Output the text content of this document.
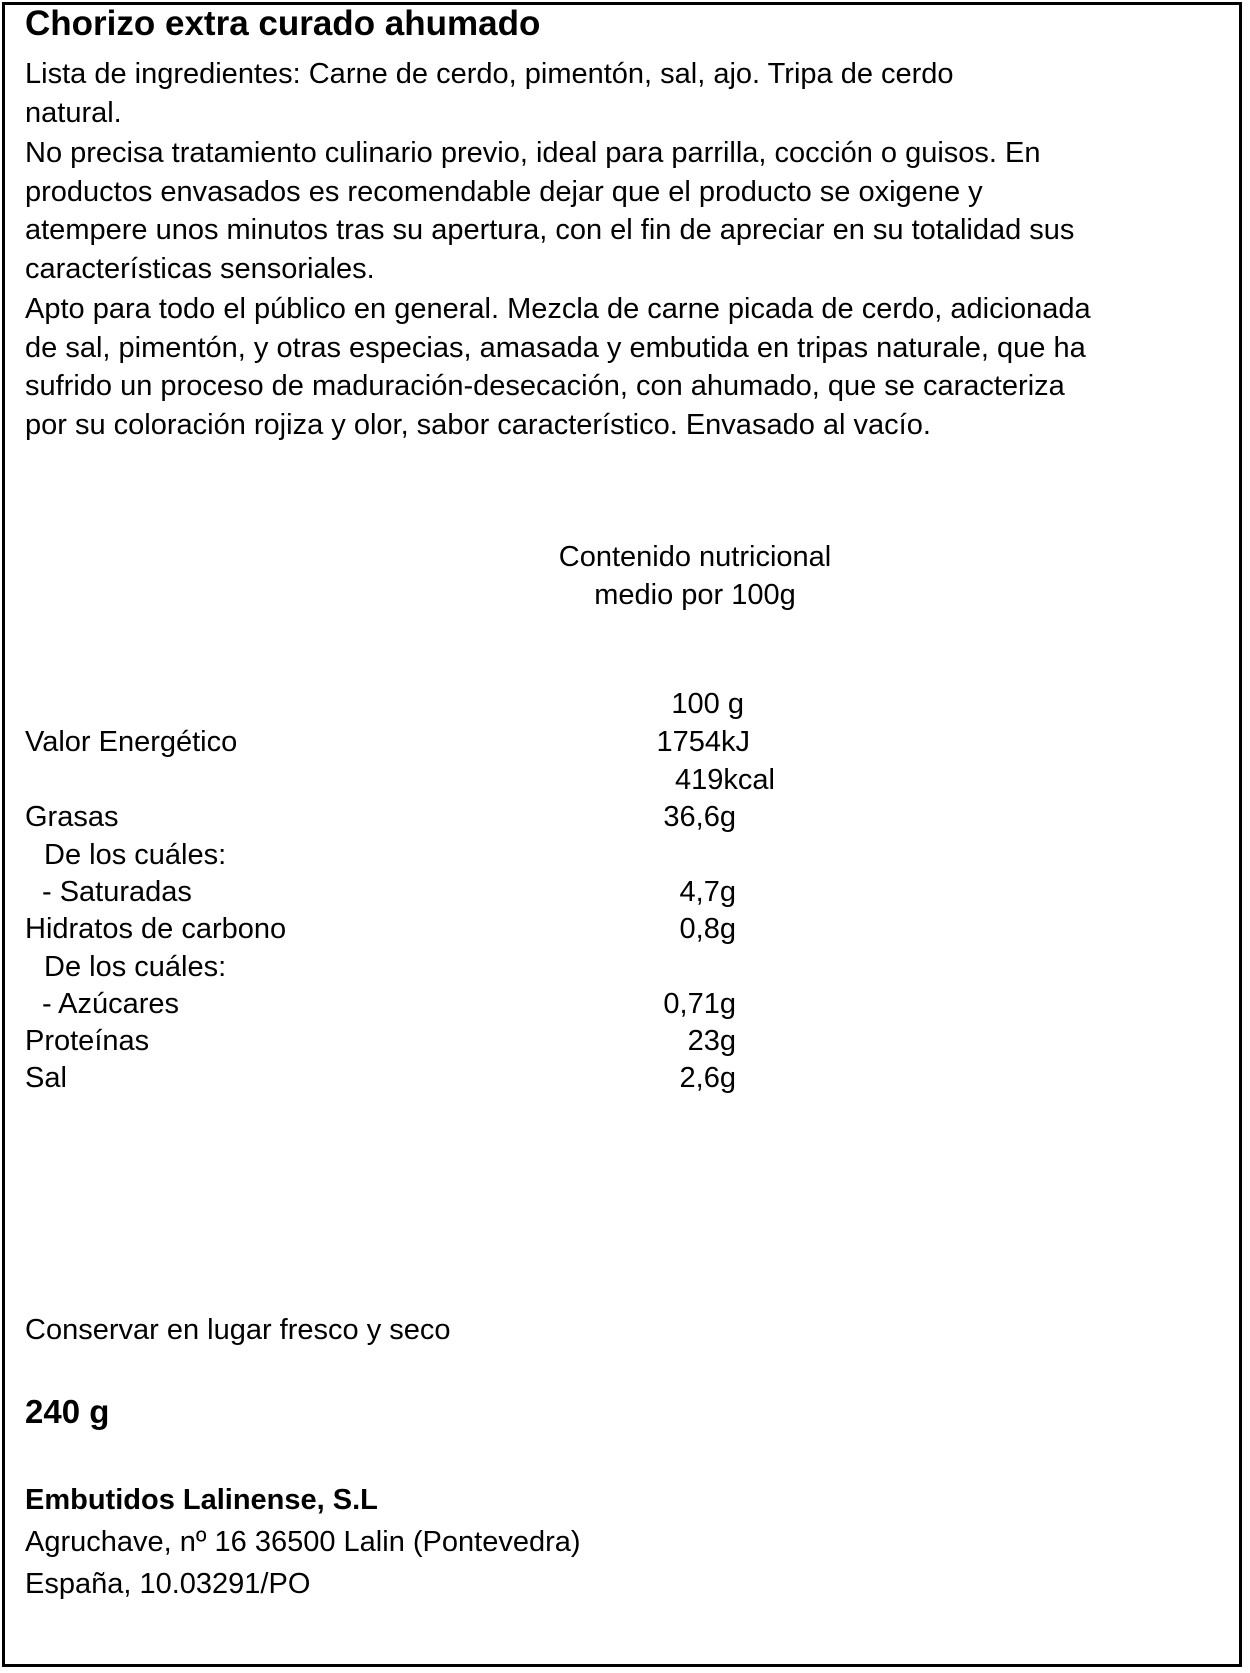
Chorizo extra curado ahumado
Lista de ingredientes: Carne de cerdo, pimentón, sal, ajo. Tripa de cerdo
natural.
No precisa tratamiento culinario previo, ideal para parrilla, cocción o guisos. En
productos envasados es recomendable dejar que el producto se oxigene y
atempere unos minutos tras su apertura, con el fin de apreciar en su totalidad sus
características sensoriales.
Apto para todo el público en general. Mezcla de carne picada de cerdo, adicionada
de sal, pimentón, y otras especias, amasada y embutida en tripas naturale, que ha
sufrido un proceso de maduración-desecación, con ahumado, que se caracteriza
por su coloración rojiza y olor, sabor característico. Envasado al vacío.
Contenido nutricional
medio por 100g
100 g
Valor Energético	1754kJ
419kcal
Grasas	36,6g
De los cuáles:
- Saturadas	4,7g
Hidratos de carbono	0,8g
De los cuáles:
- Azúcares	0,71g
Proteínas	23g
Sal	2,6g
Conservar en lugar fresco y seco
240 g
Embutidos Lalinense, S.L
Agruchave, nº 16 36500 Lalin (Pontevedra)
España, 10.03291/PO
